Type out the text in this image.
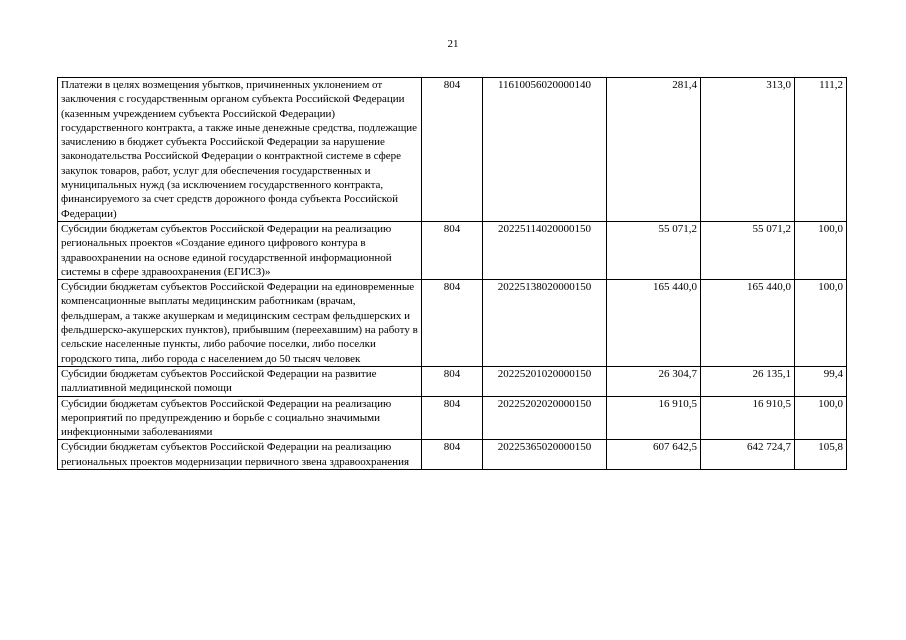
21
Платежи в целях возмещения убытков, причиненных уклонением от заключения с государственным органом субъекта Российской Федерации (казенным учреждением субъекта Российской Федерации) государственного контракта, а также иные денежные средства, подлежащие зачислению в бюджет субъекта Российской Федерации за нарушение законодательства Российской Федерации о контрактной системе в сфере закупок товаров, работ, услуг для обеспечения государственных и муниципальных нужд (за исключением государственного контракта, финансируемого за счет средств дорожного фонда субъекта Российской Федерации)	804	11610056020000140	281,4	313,0	111,2
Субсидии бюджетам субъектов Российской Федерации на реализацию региональных проектов «Создание единого цифрового контура в здравоохранении на основе единой государственной информационной системы в сфере здравоохранения (ЕГИСЗ)»	804	20225114020000150	55 071,2	55 071,2	100,0
Субсидии бюджетам субъектов Российской Федерации на единовременные компенсационные выплаты медицинским работникам (врачам, фельдшерам, а также акушеркам и медицинским сестрам фельдшерских и фельдшерско-акушерских пунктов), прибывшим (переехавшим) на работу в сельские населенные пункты, либо рабочие поселки, либо поселки городского типа, либо города с населением до 50 тысяч человек	804	20225138020000150	165 440,0	165 440,0	100,0
Субсидии бюджетам субъектов Российской Федерации на развитие паллиативной медицинской помощи	804	20225201020000150	26 304,7	26 135,1	99,4
Субсидии бюджетам субъектов Российской Федерации на реализацию мероприятий по предупреждению и борьбе с социально значимыми инфекционными заболеваниями	804	20225202020000150	16 910,5	16 910,5	100,0
Субсидии бюджетам субъектов Российской Федерации на реализацию региональных проектов модернизации первичного звена здравоохранения	804	20225365020000150	607 642,5	642 724,7	105,8
